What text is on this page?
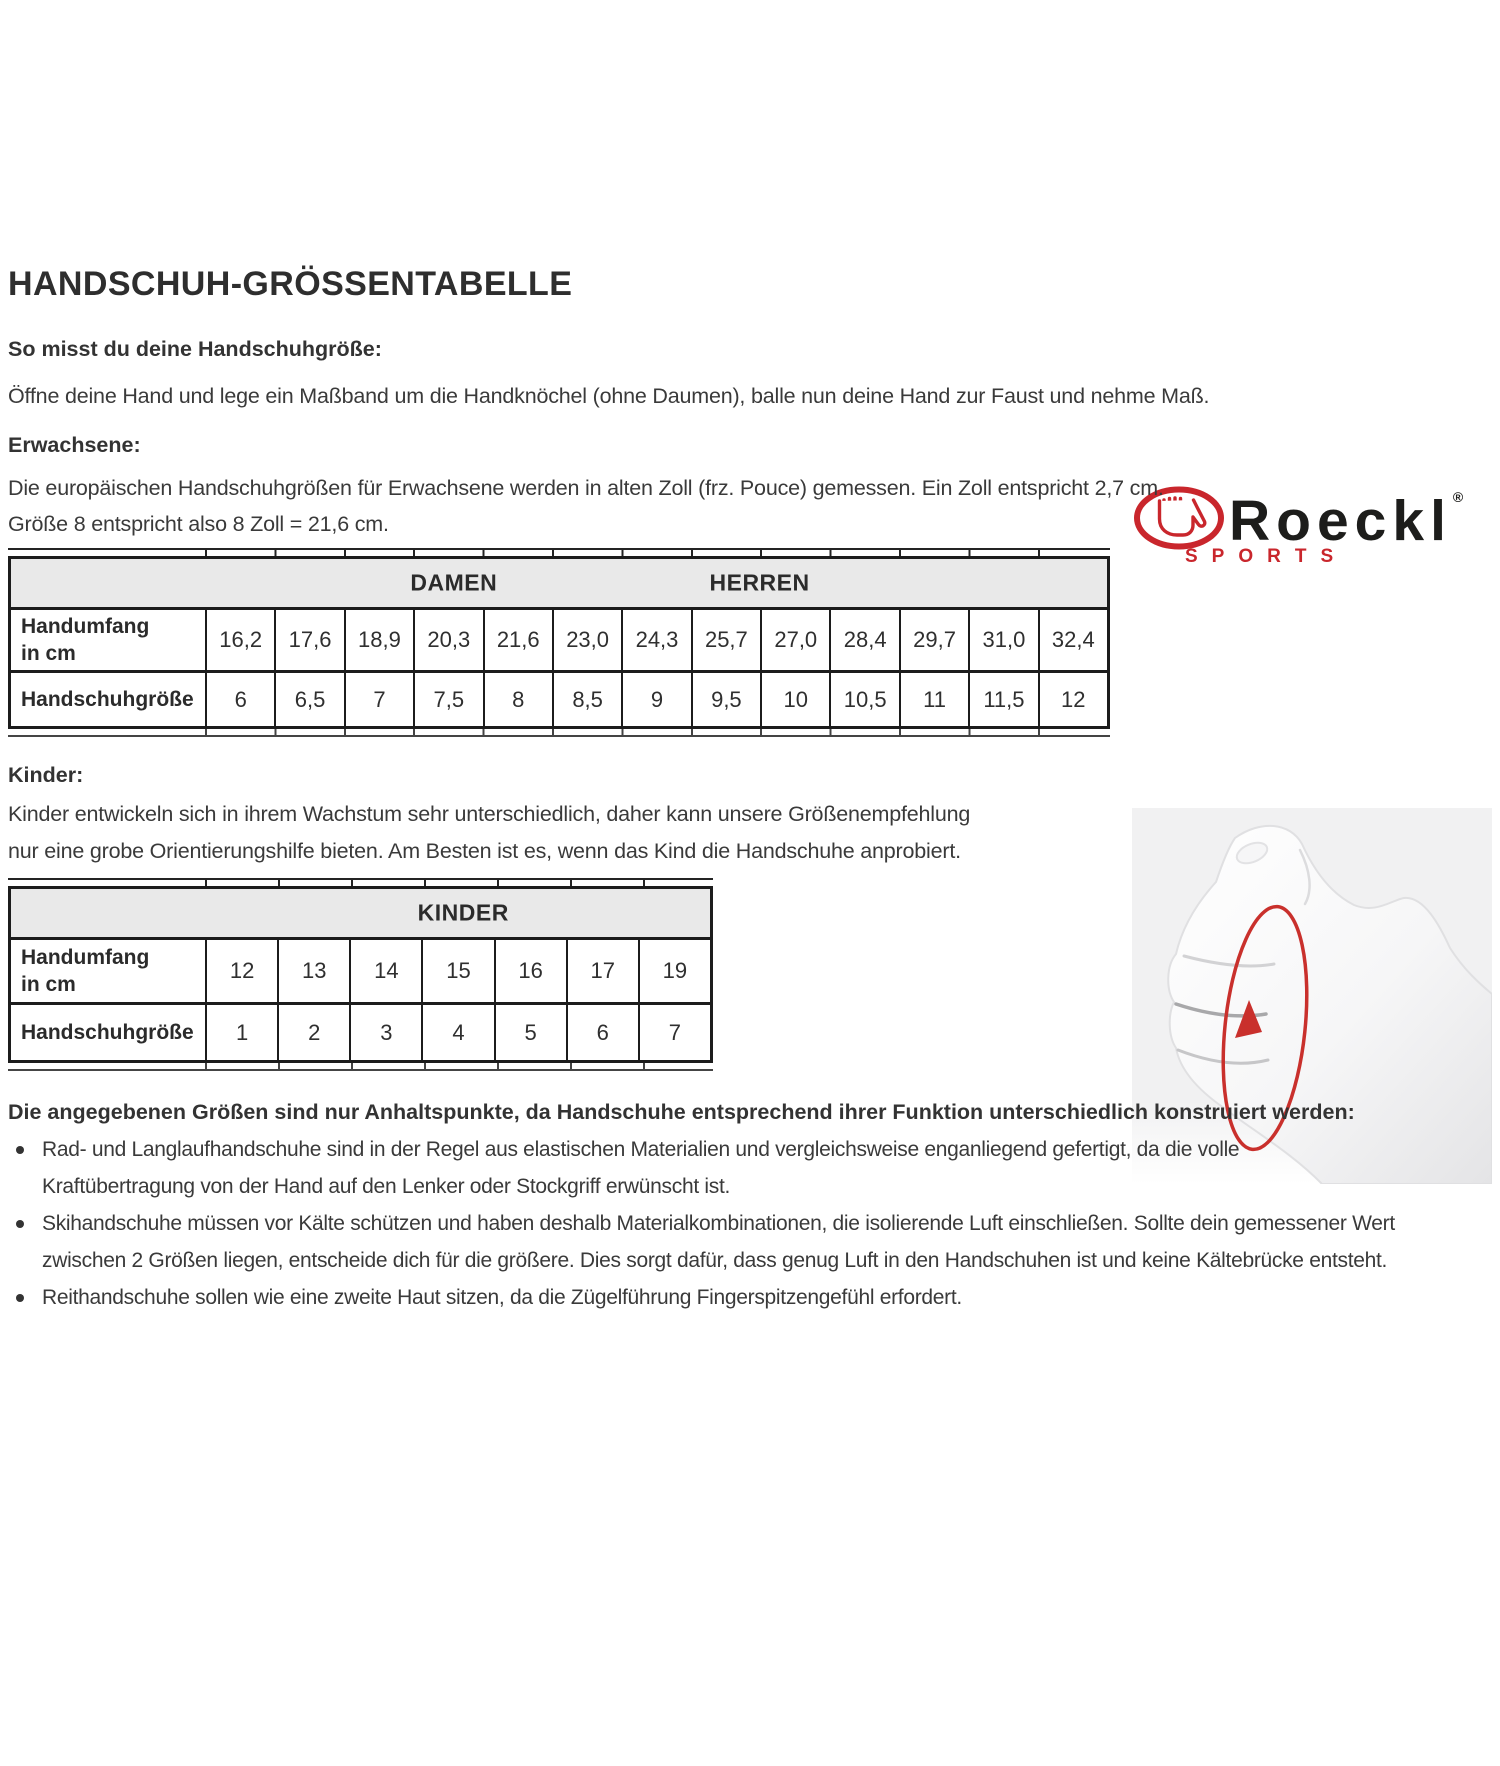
Roeckl®
SPORTS
HANDSCHUH-GRÖSSENTABELLE
So misst du deine Handschuhgröße:
Öffne deine Hand und lege ein Maßband um die Handknöchel (ohne Daumen), balle nun deine Hand zur Faust und nehme Maß.
Erwachsene:
Die europäischen Handschuhgrößen für Erwachsene werden in alten Zoll (frz. Pouce) gemessen. Ein Zoll entspricht 2,7 cm.
Größe 8 entspricht also 8 Zoll = 21,6 cm.
DAMEN	HERREN
Handumfang
in cm
16,2	17,6	18,9	20,3	21,6	23,0	24,3	25,7	27,0	28,4	29,7	31,0	32,4
Handschuhgröße	6	6,5	7	7,5	8	8,5	9	9,5	10	10,5	11	11,5	12
Kinder:
Kinder entwickeln sich in ihrem Wachstum sehr unterschiedlich, daher kann unsere Größenempfehlung
nur eine grobe Orientierungshilfe bieten. Am Besten ist es, wenn das Kind die Handschuhe anprobiert.
KINDER
Handumfang
in cm
12	13	14	15	16	17	19
Handschuhgröße	1	2	3	4	5	6	7
Die angegebenen Größen sind nur Anhaltspunkte, da Handschuhe entsprechend ihrer Funktion unterschiedlich konstruiert werden:
Rad- und Langlaufhandschuhe sind in der Regel aus elastischen Materialien und vergleichsweise enganliegend gefertigt, da die volle
Kraftübertragung von der Hand auf den Lenker oder Stockgriff erwünscht ist.
Skihandschuhe müssen vor Kälte schützen und haben deshalb Materialkombinationen, die isolierende Luft einschließen. Sollte dein gemessener Wert
zwischen 2 Größen liegen, entscheide dich für die größere. Dies sorgt dafür, dass genug Luft in den Handschuhen ist und keine Kältebrücke entsteht.
Reithandschuhe sollen wie eine zweite Haut sitzen, da die Zügelführung Fingerspitzengefühl erfordert.
